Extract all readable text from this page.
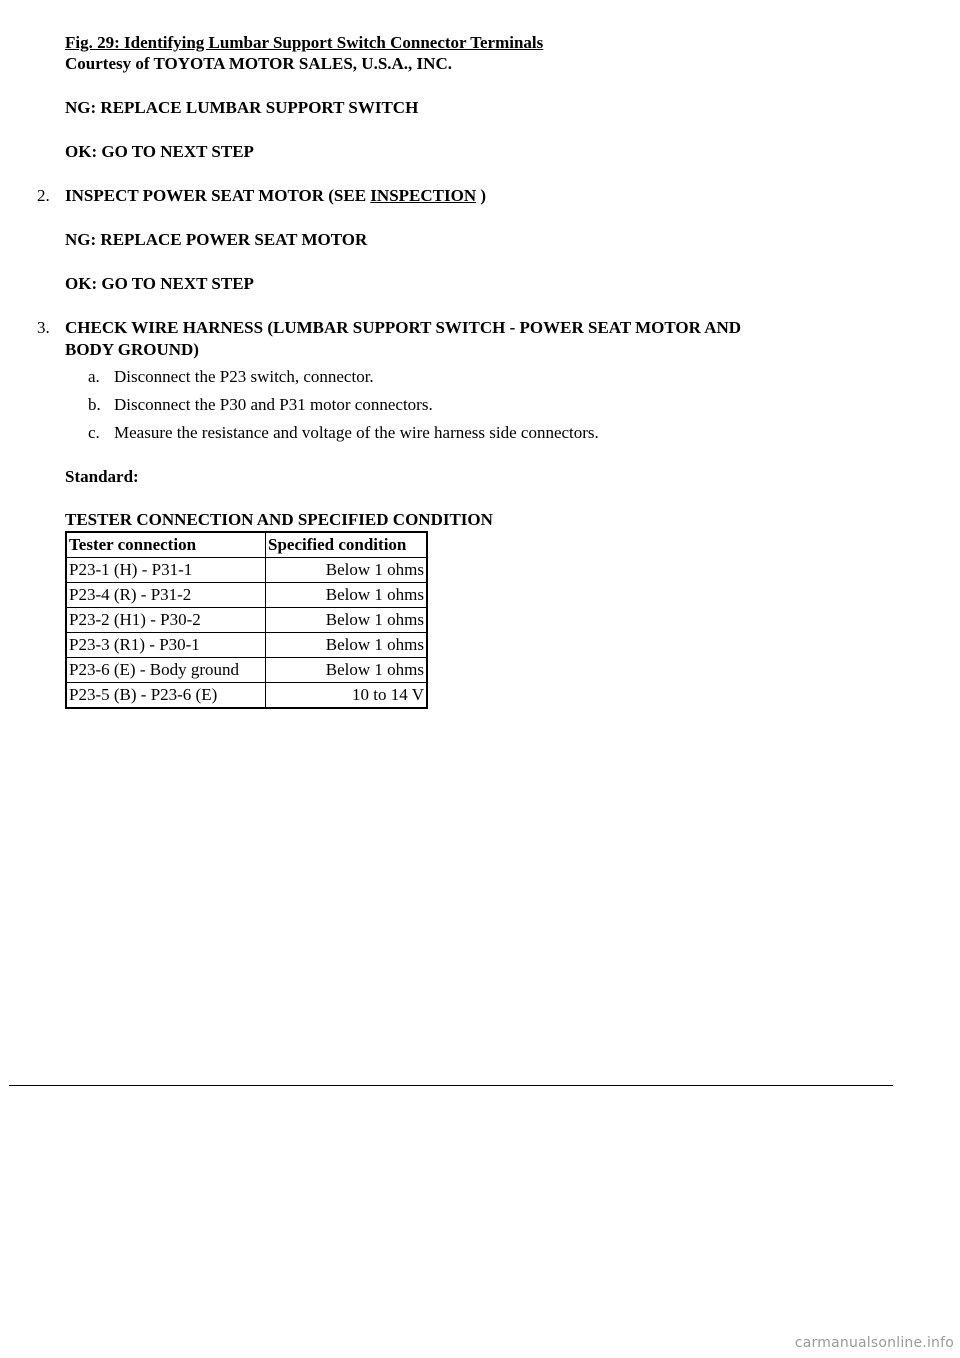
Fig. 29: Identifying Lumbar Support Switch Connector Terminals
Courtesy of TOYOTA MOTOR SALES, U.S.A., INC.
NG: REPLACE LUMBAR SUPPORT SWITCH
OK: GO TO NEXT STEP
2. INSPECT POWER SEAT MOTOR (SEE INSPECTION )
NG: REPLACE POWER SEAT MOTOR
OK: GO TO NEXT STEP
3. CHECK WIRE HARNESS (LUMBAR SUPPORT SWITCH - POWER SEAT MOTOR AND
BODY GROUND)
a. Disconnect the P23 switch, connector.
b. Disconnect the P30 and P31 motor connectors.
c. Measure the resistance and voltage of the wire harness side connectors.
Standard:
TESTER CONNECTION AND SPECIFIED CONDITION
Tester connection	Specified condition
P23-1 (H) - P31-1	Below 1 ohms
P23-4 (R) - P31-2	Below 1 ohms
P23-2 (H1) - P30-2	Below 1 ohms
P23-3 (R1) - P30-1	Below 1 ohms
P23-6 (E) - Body ground	Below 1 ohms
P23-5 (B) - P23-6 (E)	10 to 14 V
carmanualsonline.info
